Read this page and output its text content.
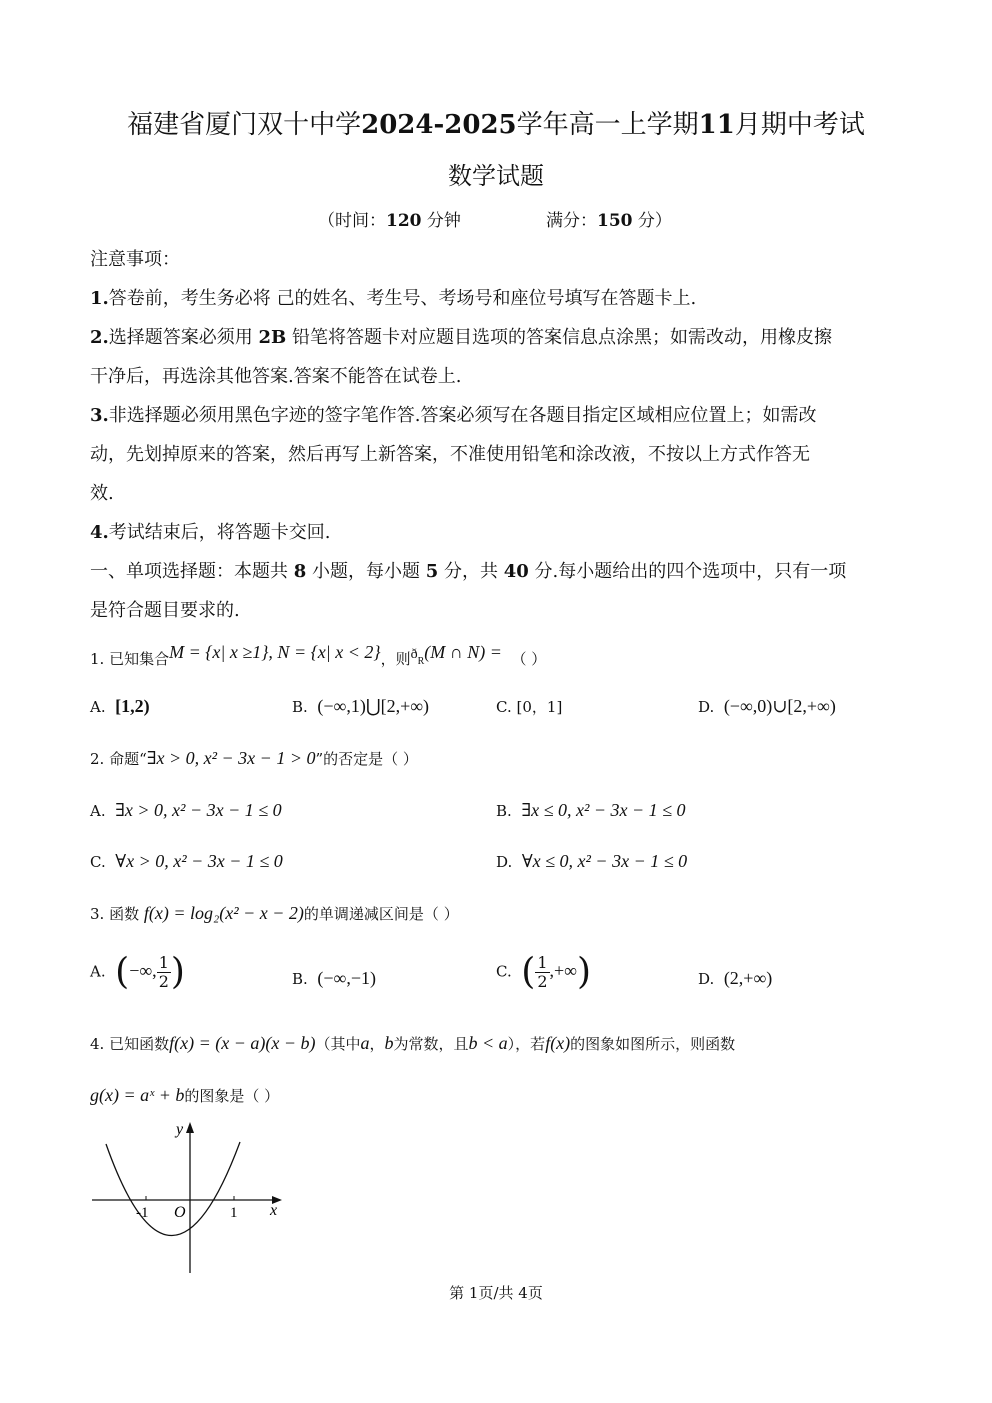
福建省厦门双十中学2024-2025学年高一上学期11月期中考试
数学试题
（时间：120 分钟	满分：150 分）
注意事项：
1.答卷前，考生务必将 己的姓名、考生号、考场号和座位号填写在答题卡上.
2.选择题答案必须用 2B 铅笔将答题卡对应题目选项的答案信息点涂黑；如需改动，用橡皮擦
干净后，再选涂其他答案.答案不能答在试卷上.
3.非选择题必须用黑色字迹的签字笔作答.答案必须写在各题目指定区域相应位置上；如需改
动，先划掉原来的答案，然后再写上新答案，不准使用铅笔和涂改液，不按以上方式作答无
效.
4.考试结束后，将答题卡交回.
一、单项选择题：本题共 8 小题，每小题 5 分，共 40 分.每小题给出的四个选项中，只有一项
是符合题目要求的.
1. 已知集合M = {x| x ≥1}, N = {x| x < 2}，则ðR(M ∩ N) = （ ）
A. [1,2)	B. (−∞,1)⋃[2,+∞)	C. [0，1]	D. (−∞,0)∪[2,+∞)
2. 命题“∃x > 0, x² − 3x − 1 > 0”的否定是（ ）
A. ∃x > 0, x² − 3x − 1 ≤ 0	B. ∃x ≤ 0, x² − 3x − 1 ≤ 0
C. ∀x > 0, x² − 3x − 1 ≤ 0	D. ∀x ≤ 0, x² − 3x − 1 ≤ 0
3. 函数 f(x) = log₂(x² − x − 2)的单调递减区间是（ ）
A. (−∞, $\frac{1}{2}$ )	B. (−∞,−1)	C. ( $\frac{1}{2}$ ,+∞)	D. (2,+∞)
4. 已知函数f(x) = (x − a)(x − b)（其中a，b为常数，且b < a），若f(x)的图象如图所示，则函数
g(x) = aˣ + b的图象是（ ）
y
x
O
-1	1
第 1页/共 4页
